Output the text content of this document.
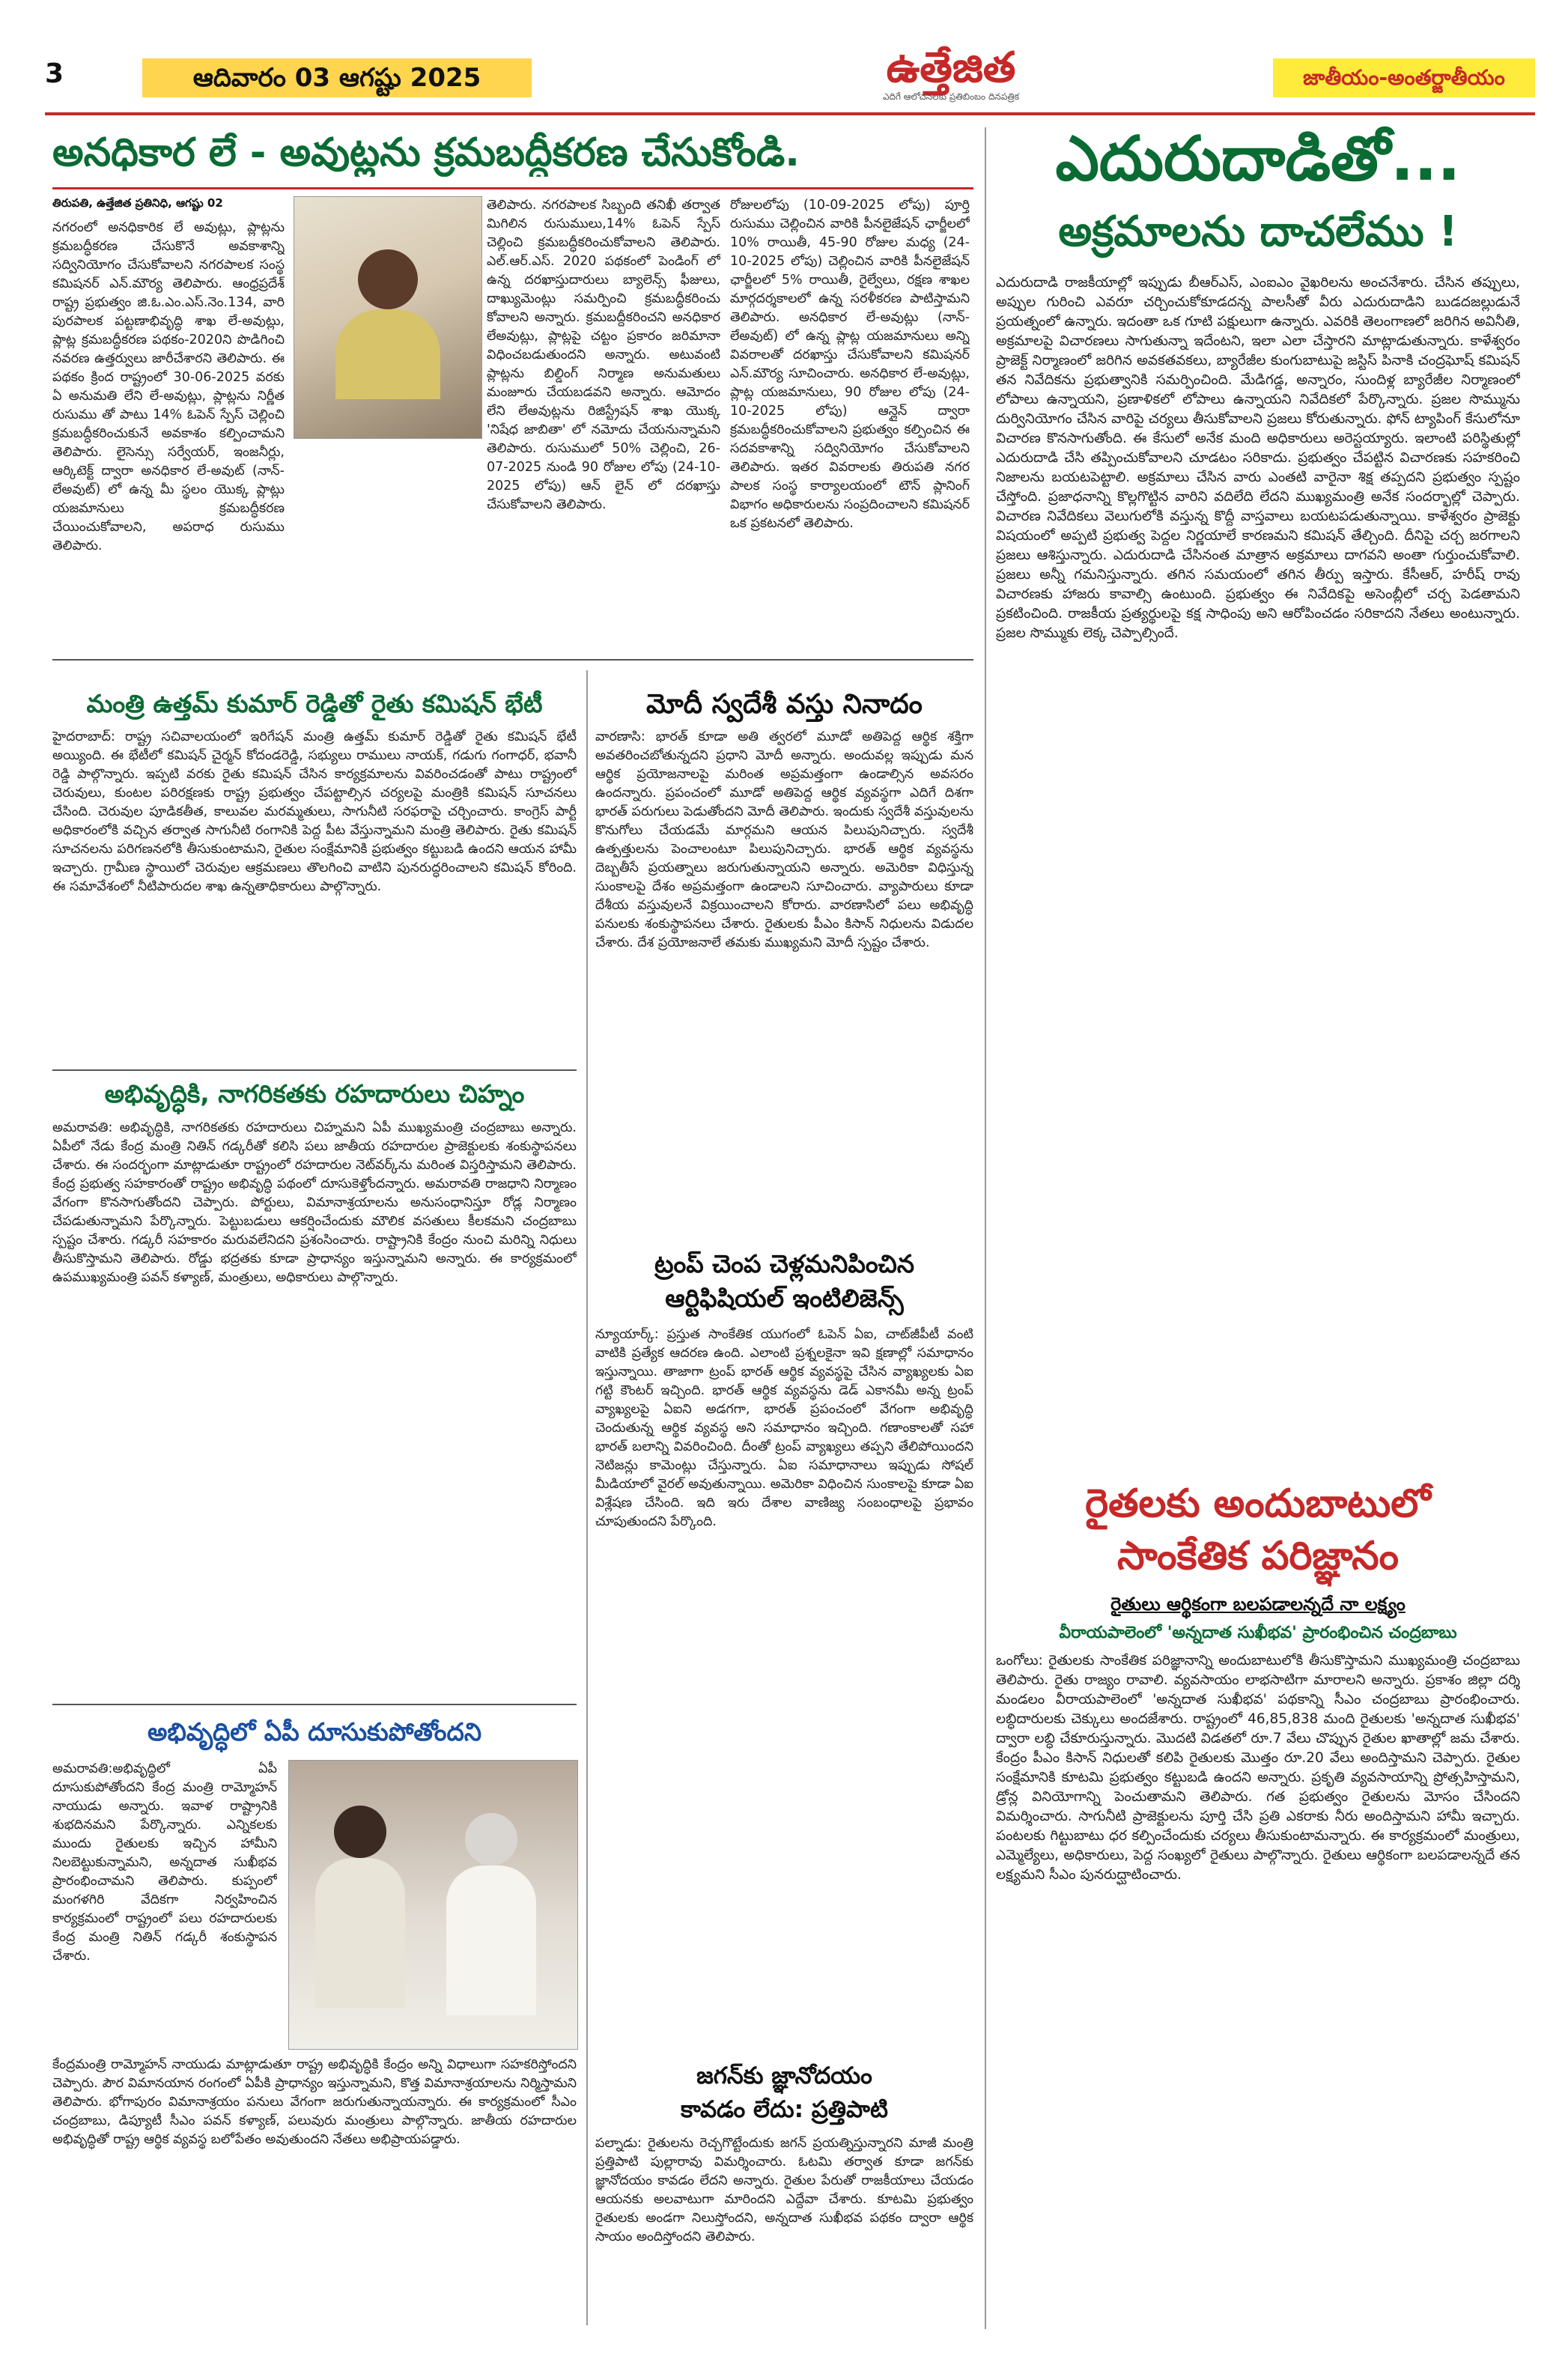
3	ఆదివారం 03 ఆగష్టు 2025	ఉత్తేజిత
ఎదిగే ఆలోచనలకు ప్రతిబింబం దినపత్రిక
జాతీయం-అంతర్జాతీయం
అనధికార లే - అవుట్లను క్రమబద్ధీకరణ చేసుకోండి.
తిరుపతి, ఉత్తేజిత ప్రతినిధి, ఆగష్టు 02
నగరంలో అనధికారిక లే అవుట్లు, ప్లాట్లను క్రమబద్ధీకరణ చేసుకొనే అవకాశాన్ని సద్వినియోగం చేసుకోవాలని నగరపాలక సంస్థ కమిషనర్ ఎన్.మౌర్య తెలిపారు. ఆంధ్రప్రదేశ్ రాష్ట్ర ప్రభుత్వం జి.ఓ.ఎం.ఎస్.నెం.134, వారి పురపాలక పట్టణాభివృద్ధి శాఖ లే-అవుట్లు, ప్లాట్ల క్రమబద్ధీకరణ పథకం-2020ని పొడిగించి నవరణ ఉత్తర్వులు జారీచేశారని తెలిపారు. ఈ పథకం క్రింద రాష్ట్రంలో 30-06-2025 వరకు ఏ అనుమతి లేని లే-అవుట్లు, ప్లాట్లను నిర్ణీత రుసుము తో పాటు 14% ఓపెన్ స్పేస్ చెల్లించి క్రమబద్ధీకరించుకునే అవకాశం కల్పించామని తెలిపారు. లైసెన్సు సర్వేయర్, ఇంజనీర్లు, ఆర్కిటెక్ట్ ద్వారా అనధికార లే-అవుట్ (నాన్-లేఅవుట్) లో ఉన్న మీ స్థలం యొక్క ప్లాట్లు యజమానులు క్రమబద్ధీకరణ చేయించుకోవాలని, అపరాధ రుసుము తెలిపారు.
తెలిపారు. నగరపాలక సిబ్బంది తనిఖీ తర్వాత మిగిలిన రుసుములు,14% ఓపెన్ స్పేస్ చెల్లించి క్రమబద్ధీకరించుకోవాలని తెలిపారు. ఎల్.ఆర్.ఎస్. 2020 పథకంలో పెండింగ్ లో ఉన్న దరఖాస్తుదారులు బ్యాలెన్స్ ఫీజులు, దాఖ్యుమెంట్లు సమర్పించి క్రమబద్ధీకరించు కోవాలని అన్నారు. క్రమబద్దీకరించని అనధికార లేఅవుట్లు, ప్లాట్లపై చట్టం ప్రకారం జరిమానా విధించబడుతుందని అన్నారు. అటువంటి ప్లాట్లను బిల్డింగ్ నిర్మాణ అనుమతులు మంజూరు చేయబడవని అన్నారు. ఆమోదం లేని లేఅవుట్లను రిజిస్ట్రేషన్ శాఖ యొక్క 'నిషేధ జాబితా' లో నమోదు చేయనున్నామని తెలిపారు. రుసుములో 50% చెల్లించి, 26-07-2025 నుండి 90 రోజుల లోపు (24-10-2025 లోపు) ఆన్ లైన్ లో దరఖాస్తు చేసుకోవాలని తెలిపారు.
రోజులలోపు (10-09-2025 లోపు) పూర్తి రుసుము చెల్లించిన వారికి పీనలైజేషన్ ఛార్జీలలో 10% రాయితీ, 45-90 రోజుల మధ్య (24-10-2025 లోపు) చెల్లించిన వారికి పీనలైజేషన్ ఛార్జీలలో 5% రాయితీ, రైల్వేలు, రక్షణ శాఖల మార్గదర్శకాలలో ఉన్న సరళీకరణ పాటిస్తామని తెలిపారు. అనధికార లే-అవుట్లు (నాన్-లేఅవుట్) లో ఉన్న ప్లాట్ల యజమానులు అన్ని వివరాలతో దరఖాస్తు చేసుకోవాలని కమిషనర్ ఎన్.మౌర్య సూచించారు. అనధికార లే-అవుట్లు, ప్లాట్ల యజమానులు, 90 రోజుల లోపు (24-10-2025 లోపు) ఆన్లైన్ ద్వారా క్రమబద్ధీకరించుకోవాలని ప్రభుత్వం కల్పించిన ఈ సదవకాశాన్ని సద్వినియోగం చేసుకోవాలని తెలిపారు. ఇతర వివరాలకు తిరుపతి నగర పాలక సంస్థ కార్యాలయంలో టౌన్ ప్లానింగ్ విభాగం అధికారులను సంప్రదించాలని కమిషనర్ ఒక ప్రకటనలో తెలిపారు.
ఎదురుదాడితో...
అక్రమాలను దాచలేము !
ఎదురుదాడి రాజకీయాల్లో ఇప్పుడు బీఆర్ఎస్, ఎంఐఎం వైఖరిలను అంచనేశారు. చేసిన తప్పులు, అప్పుల గురించి ఎవరూ చర్చించుకోకూడదన్న పాలసీతో వీరు ఎదురుదాడిని బుడదజల్లుడునే ప్రయత్నంలో ఉన్నారు. ఇదంతా ఒక గూటి పక్షులుగా ఉన్నారు. ఎవరికి తెలంగాణలో జరిగిన అవినీతి, అక్రమాలపై విచారణలు సాగుతున్నా ఇదేంటని, ఇలా ఎలా చేస్తారని మాట్లాడుతున్నారు. కాళేశ్వరం ప్రాజెక్ట్ నిర్మాణంలో జరిగిన అవకతవకలు, బ్యారేజీల కుంగుబాటుపై జస్టిస్ పినాకి చంద్రఘోష్ కమిషన్ తన నివేదికను ప్రభుత్వానికి సమర్పించింది. మేడిగడ్డ, అన్నారం, సుందిళ్ల బ్యారేజీల నిర్మాణంలో లోపాలు ఉన్నాయని, ప్రణాళికలో లోపాలు ఉన్నాయని నివేదికలో పేర్కొన్నారు. ప్రజల సొమ్మును దుర్వినియోగం చేసిన వారిపై చర్యలు తీసుకోవాలని ప్రజలు కోరుతున్నారు. ఫోన్ ట్యాపింగ్ కేసులోనూ విచారణ కొనసాగుతోంది. ఈ కేసులో అనేక మంది అధికారులు అరెస్టయ్యారు. ఇలాంటి పరిస్థితుల్లో ఎదురుదాడి చేసి తప్పించుకోవాలని చూడటం సరికాదు. ప్రభుత్వం చేపట్టిన విచారణకు సహకరించి నిజాలను బయటపెట్టాలి. అక్రమాలు చేసిన వారు ఎంతటి వారైనా శిక్ష తప్పదని ప్రభుత్వం స్పష్టం చేస్తోంది. ప్రజాధనాన్ని కొల్లగొట్టిన వారిని వదిలేది లేదని ముఖ్యమంత్రి అనేక సందర్భాల్లో చెప్పారు. విచారణ నివేదికలు వెలుగులోకి వస్తున్న కొద్దీ వాస్తవాలు బయటపడుతున్నాయి. కాళేశ్వరం ప్రాజెక్టు విషయంలో అప్పటి ప్రభుత్వ పెద్దల నిర్ణయాలే కారణమని కమిషన్ తేల్చింది. దీనిపై చర్చ జరగాలని ప్రజలు ఆశిస్తున్నారు. ఎదురుదాడి చేసినంత మాత్రాన అక్రమాలు దాగవని అంతా గుర్తుంచుకోవాలి. ప్రజలు అన్నీ గమనిస్తున్నారు. తగిన సమయంలో తగిన తీర్పు ఇస్తారు. కేసీఆర్, హరీష్ రావు విచారణకు హాజరు కావాల్సి ఉంటుంది. ప్రభుత్వం ఈ నివేదికపై అసెంబ్లీలో చర్చ పెడతామని ప్రకటించింది. రాజకీయ ప్రత్యర్థులపై కక్ష సాధింపు అని ఆరోపించడం సరికాదని నేతలు అంటున్నారు. ప్రజల సొమ్ముకు లెక్క చెప్పాల్సిందే.
మంత్రి ఉత్తమ్ కుమార్ రెడ్డితో రైతు కమిషన్ భేటీ
హైదరాబాద్: రాష్ట్ర సచివాలయంలో ఇరిగేషన్ మంత్రి ఉత్తమ్ కుమార్ రెడ్డితో రైతు కమిషన్ భేటీ అయ్యింది. ఈ భేటీలో కమిషన్ చైర్మన్ కోదండరెడ్డి, సభ్యులు రాములు నాయక్, గడుగు గంగాధర్, భవానీ రెడ్డి పాల్గొన్నారు. ఇప్పటి వరకు రైతు కమిషన్ చేసిన కార్యక్రమాలను వివరించడంతో పాటు రాష్ట్రంలో చెరువులు, కుంటల పరిరక్షణకు రాష్ట్ర ప్రభుత్వం చేపట్టాల్సిన చర్యలపై మంత్రికి కమిషన్ సూచనలు చేసింది. చెరువుల పూడికతీత, కాలువల మరమ్మతులు, సాగునీటి సరఫరాపై చర్చించారు. కాంగ్రెస్ పార్టీ అధికారంలోకి వచ్చిన తర్వాత సాగునీటి రంగానికి పెద్ద పీట వేస్తున్నామని మంత్రి తెలిపారు. రైతు కమిషన్ సూచనలను పరిగణనలోకి తీసుకుంటామని, రైతుల సంక్షేమానికి ప్రభుత్వం కట్టుబడి ఉందని ఆయన హామీ ఇచ్చారు. గ్రామీణ స్థాయిలో చెరువుల ఆక్రమణలు తొలగించి వాటిని పునరుద్ధరించాలని కమిషన్ కోరింది. ఈ సమావేశంలో నీటిపారుదల శాఖ ఉన్నతాధికారులు పాల్గొన్నారు.
మోదీ స్వదేశీ వస్తు నినాదం
వారణాసి: భారత్ కూడా అతి త్వరలో మూడో అతిపెద్ద ఆర్థిక శక్తిగా అవతరించబోతున్నదని ప్రధాని మోదీ అన్నారు. అందువల్ల ఇప్పుడు మన ఆర్థిక ప్రయోజనాలపై మరింత అప్రమత్తంగా ఉండాల్సిన అవసరం ఉందన్నారు. ప్రపంచంలో మూడో అతిపెద్ద ఆర్థిక వ్యవస్థగా ఎదిగే దిశగా భారత్ పరుగులు పెడుతోందని మోదీ తెలిపారు. ఇందుకు స్వదేశీ వస్తువులను కొనుగోలు చేయడమే మార్గమని ఆయన పిలుపునిచ్చారు. స్వదేశీ ఉత్పత్తులను పెంచాలంటూ పిలుపునిచ్చారు. భారత్ ఆర్థిక వ్యవస్థను దెబ్బతీసే ప్రయత్నాలు జరుగుతున్నాయని అన్నారు. అమెరికా విధిస్తున్న సుంకాలపై దేశం అప్రమత్తంగా ఉండాలని సూచించారు. వ్యాపారులు కూడా దేశీయ వస్తువులనే విక్రయించాలని కోరారు. వారణాసిలో పలు అభివృద్ధి పనులకు శంకుస్థాపనలు చేశారు. రైతులకు పీఎం కిసాన్ నిధులను విడుదల చేశారు. దేశ ప్రయోజనాలే తమకు ముఖ్యమని మోదీ స్పష్టం చేశారు.
ట్రంప్ చెంప చెళ్లమనిపించిన ఆర్టిఫిషియల్ ఇంటిలిజెన్స్
న్యూయార్క్: ప్రస్తుత సాంకేతిక యుగంలో ఓపెన్ ఏఐ, చాట్‌జీపీటీ వంటి వాటికి ప్రత్యేక ఆదరణ ఉంది. ఎలాంటి ప్రశ్నలకైనా ఇవి క్షణాల్లో సమాధానం ఇస్తున్నాయి. తాజాగా ట్రంప్ భారత్ ఆర్థిక వ్యవస్థపై చేసిన వ్యాఖ్యలకు ఏఐ గట్టి కౌంటర్ ఇచ్చింది. భారత్ ఆర్థిక వ్యవస్థను డెడ్ ఎకానమీ అన్న ట్రంప్ వ్యాఖ్యలపై ఏఐని అడగగా, భారత్ ప్రపంచంలో వేగంగా అభివృద్ధి చెందుతున్న ఆర్థిక వ్యవస్థ అని సమాధానం ఇచ్చింది. గణాంకాలతో సహా భారత్ బలాన్ని వివరించింది. దీంతో ట్రంప్ వ్యాఖ్యలు తప్పని తేలిపోయిందని నెటిజన్లు కామెంట్లు చేస్తున్నారు. ఏఐ సమాధానాలు ఇప్పుడు సోషల్ మీడియాలో వైరల్ అవుతున్నాయి. అమెరికా విధించిన సుంకాలపై కూడా ఏఐ విశ్లేషణ చేసింది. ఇది ఇరు దేశాల వాణిజ్య సంబంధాలపై ప్రభావం చూపుతుందని పేర్కొంది.
జగన్‌కు జ్ఞానోదయం
కావడం లేదు: ప్రత్తిపాటి
పల్నాడు: రైతులను రెచ్చగొట్టేందుకు జగన్ ప్రయత్నిస్తున్నారని మాజీ మంత్రి ప్రత్తిపాటి పుల్లారావు విమర్శించారు. ఓటమి తర్వాత కూడా జగన్‌కు జ్ఞానోదయం కావడం లేదని అన్నారు. రైతుల పేరుతో రాజకీయాలు చేయడం ఆయనకు అలవాటుగా మారిందని ఎద్దేవా చేశారు. కూటమి ప్రభుత్వం రైతులకు అండగా నిలుస్తోందని, అన్నదాత సుఖీభవ పథకం ద్వారా ఆర్థిక సాయం అందిస్తోందని తెలిపారు.
అభివృద్ధికి, నాగరికతకు రహదారులు చిహ్నం
అమరావతి: అభివృద్ధికి, నాగరికతకు రహదారులు చిహ్నమని ఏపీ ముఖ్యమంత్రి చంద్రబాబు అన్నారు. ఏపీలో నేడు కేంద్ర మంత్రి నితిన్ గడ్కరీతో కలిసి పలు జాతీయ రహదారుల ప్రాజెక్టులకు శంకుస్థాపనలు చేశారు. ఈ సందర్భంగా మాట్లాడుతూ రాష్ట్రంలో రహదారుల నెట్‌వర్క్‌ను మరింత విస్తరిస్తామని తెలిపారు. కేంద్ర ప్రభుత్వ సహకారంతో రాష్ట్రం అభివృద్ధి పథంలో దూసుకెళ్తోందన్నారు. అమరావతి రాజధాని నిర్మాణం వేగంగా కొనసాగుతోందని చెప్పారు. పోర్టులు, విమానాశ్రయాలను అనుసంధానిస్తూ రోడ్ల నిర్మాణం చేపడుతున్నామని పేర్కొన్నారు. పెట్టుబడులు ఆకర్షించేందుకు మౌలిక వసతులు కీలకమని చంద్రబాబు స్పష్టం చేశారు. గడ్కరీ సహకారం మరువలేనిదని ప్రశంసించారు. రాష్ట్రానికి కేంద్రం నుంచి మరిన్ని నిధులు తీసుకొస్తామని తెలిపారు. రోడ్డు భద్రతకు కూడా ప్రాధాన్యం ఇస్తున్నామని అన్నారు. ఈ కార్యక్రమంలో ఉపముఖ్యమంత్రి పవన్ కళ్యాణ్, మంత్రులు, అధికారులు పాల్గొన్నారు.
అభివృద్ధిలో ఏపీ దూసుకుపోతోందని
అమరావతి:అభివృద్ధిలో ఏపీ దూసుకుపోతోందని కేంద్ర మంత్రి రామ్మోహన్ నాయుడు అన్నారు. ఇవాళ రాష్ట్రానికి శుభదినమని పేర్కొన్నారు. ఎన్నికలకు ముందు రైతులకు ఇచ్చిన హామీని నిలబెట్టుకున్నామని, అన్నదాత సుఖీభవ ప్రారంభించామని తెలిపారు. కుప్పంలో మంగళగిరి వేదికగా నిర్వహించిన కార్యక్రమంలో రాష్ట్రంలో పలు రహదారులకు కేంద్ర మంత్రి నితిన్ గడ్కరీ శంకుస్థాపన చేశారు.
కేంద్రమంత్రి రామ్మోహన్ నాయుడు మాట్లాడుతూ రాష్ట్ర అభివృద్ధికి కేంద్రం అన్ని విధాలుగా సహకరిస్తోందని చెప్పారు. పౌర విమానయాన రంగంలో ఏపీకి ప్రాధాన్యం ఇస్తున్నామని, కొత్త విమానాశ్రయాలను నిర్మిస్తామని తెలిపారు. భోగాపురం విమానాశ్రయం పనులు వేగంగా జరుగుతున్నాయన్నారు. ఈ కార్యక్రమంలో సీఎం చంద్రబాబు, డిప్యూటీ సీఎం పవన్ కళ్యాణ్, పలువురు మంత్రులు పాల్గొన్నారు. జాతీయ రహదారుల అభివృద్ధితో రాష్ట్ర ఆర్థిక వ్యవస్థ బలోపేతం అవుతుందని నేతలు అభిప్రాయపడ్డారు.
రైతలకు అందుబాటులో
సాంకేతిక పరిజ్ఞానం
రైతులు ఆర్థికంగా బలపడాలన్నదే నా లక్ష్యం
వీరాయపాలెంలో 'అన్నదాత సుఖీభవ' ప్రారంభించిన చంద్రబాబు
ఒంగోలు: రైతులకు సాంకేతిక పరిజ్ఞానాన్ని అందుబాటులోకి తీసుకొస్తామని ముఖ్యమంత్రి చంద్రబాబు తెలిపారు. రైతు రాజ్యం రావాలి. వ్యవసాయం లాభసాటిగా మారాలని అన్నారు. ప్రకాశం జిల్లా దర్శి మండలం వీరాయపాలెంలో 'అన్నదాత సుఖీభవ' పథకాన్ని సీఎం చంద్రబాబు ప్రారంభించారు. లబ్ధిదారులకు చెక్కులు అందజేశారు. రాష్ట్రంలో 46,85,838 మంది రైతులకు 'అన్నదాత సుఖీభవ' ద్వారా లబ్ధి చేకూరుస్తున్నారు. మొదటి విడతలో రూ.7 వేలు చొప్పున రైతుల ఖాతాల్లో జమ చేశారు. కేంద్రం పీఎం కిసాన్ నిధులతో కలిపి రైతులకు మొత్తం రూ.20 వేలు అందిస్తామని చెప్పారు. రైతుల సంక్షేమానికి కూటమి ప్రభుత్వం కట్టుబడి ఉందని అన్నారు. ప్రకృతి వ్యవసాయాన్ని ప్రోత్సహిస్తామని, డ్రోన్ల వినియోగాన్ని పెంచుతామని తెలిపారు. గత ప్రభుత్వం రైతులను మోసం చేసిందని విమర్శించారు. సాగునీటి ప్రాజెక్టులను పూర్తి చేసి ప్రతి ఎకరాకు నీరు అందిస్తామని హామీ ఇచ్చారు. పంటలకు గిట్టుబాటు ధర కల్పించేందుకు చర్యలు తీసుకుంటామన్నారు. ఈ కార్యక్రమంలో మంత్రులు, ఎమ్మెల్యేలు, అధికారులు, పెద్ద సంఖ్యలో రైతులు పాల్గొన్నారు. రైతులు ఆర్థికంగా బలపడాలన్నదే తన లక్ష్యమని సీఎం పునరుద్ఘాటించారు.
